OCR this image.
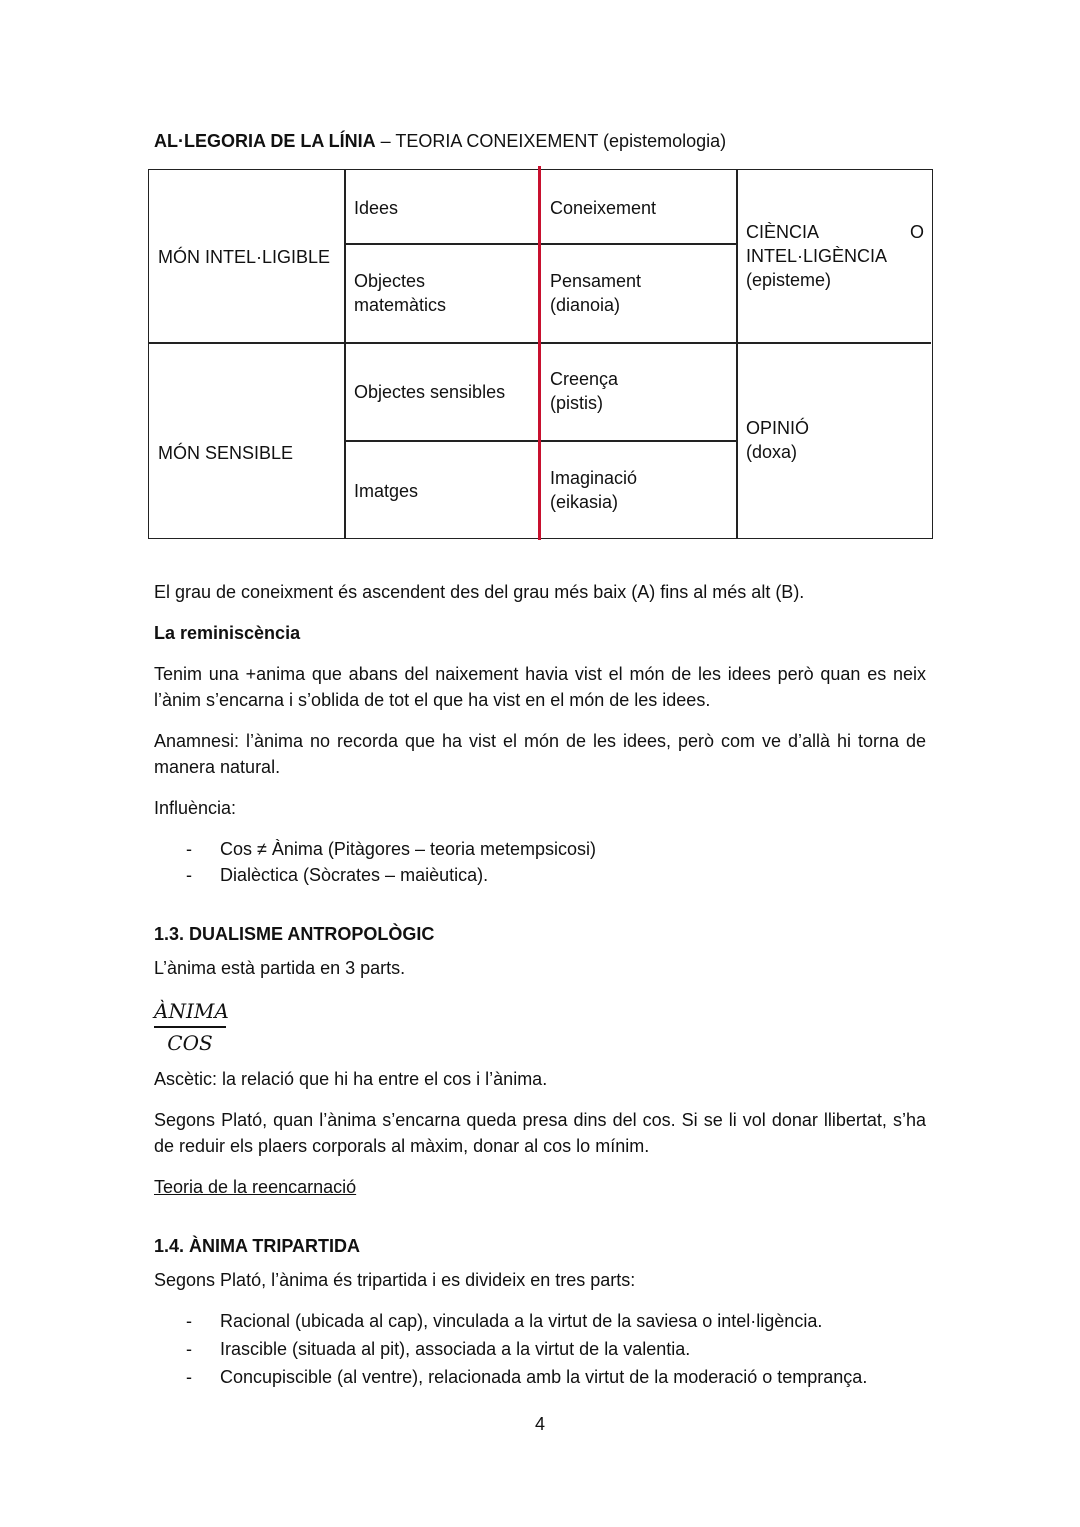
AL·LEGORIA DE LA LÍNIA – TEORIA CONEIXEMENT (epistemologia)
MÓN INTEL·LIGIBLE
MÓN SENSIBLE
Idees
Objectes
matemàtics
Objectes sensibles
Imatges
Coneixement
Pensament
(dianoia)
Creença
(pistis)
Imaginació
(eikasia)
CIÈNCIA	O
INTEL·LIGÈNCIA
(episteme)
OPINIÓ
(doxa)
El grau de coneixment és ascendent des del grau més baix (A) fins al més alt (B).
La reminiscència
Tenim una +anima que abans del naixement havia vist el món de les idees però quan es neix l’ànim s’encarna i s’oblida de tot el que ha vist en el món de les idees.
Anamnesi: l’ànima no recorda que ha vist el món de les idees, però com ve d’allà hi torna de manera natural.
Influència:
- Cos ≠ Ànima (Pitàgores – teoria metempsicosi)
- Dialèctica (Sòcrates – maièutica).
1.3. DUALISME ANTROPOLÒGIC
L’ànima està partida en 3 parts.
ÀNIMA
COS
Ascètic: la relació que hi ha entre el cos i l’ànima.
Segons Plató, quan l’ànima s’encarna queda presa dins del cos. Si se li vol donar llibertat, s’ha de reduir els plaers corporals al màxim, donar al cos lo mínim.
Teoria de la reencarnació
1.4. ÀNIMA TRIPARTIDA
Segons Plató, l’ànima és tripartida i es divideix en tres parts:
- Racional (ubicada al cap), vinculada a la virtut de la saviesa o intel·ligència.
- Irascible (situada al pit), associada a la virtut de la valentia.
- Concupiscible (al ventre), relacionada amb la virtut de la moderació o temprança.
4
